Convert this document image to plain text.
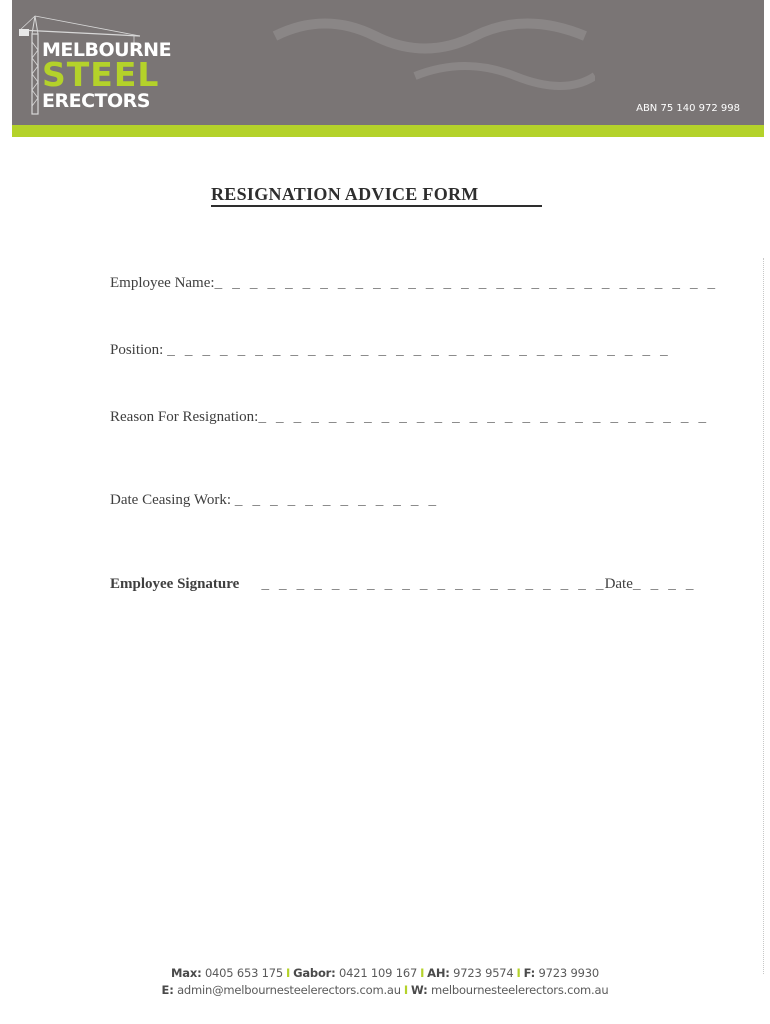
MELBOURNE
STEEL
ERECTORS	ABN 75 140 972 998
RESIGNATION ADVICE FORM
Employee Name:_ _ _ _ _ _ _ _ _ _ _ _ _ _ _ _ _ _ _ _ _ _ _ _ _ _ _ _ _
Position: _ _ _ _ _ _ _ _ _ _ _ _ _ _ _ _ _ _ _ _ _ _ _ _ _ _ _ _ _
Reason For Resignation:_ _ _ _ _ _ _ _ _ _ _ _ _ _ _ _ _ _ _ _ _ _ _ _ _ _
Date Ceasing Work: _ _ _ _ _ _ _ _ _ _ _ _
Employee Signature _ _ _ _ _ _ _ _ _ _ _ _ _ _ _ _ _ _ _ _Date_ _ _ _
Max: 0405 653 175 I Gabor: 0421 109 167 I AH: 9723 9574 I F: 9723 9930
E: admin@melbournesteelerectors.com.au I W: melbournesteelerectors.com.au
